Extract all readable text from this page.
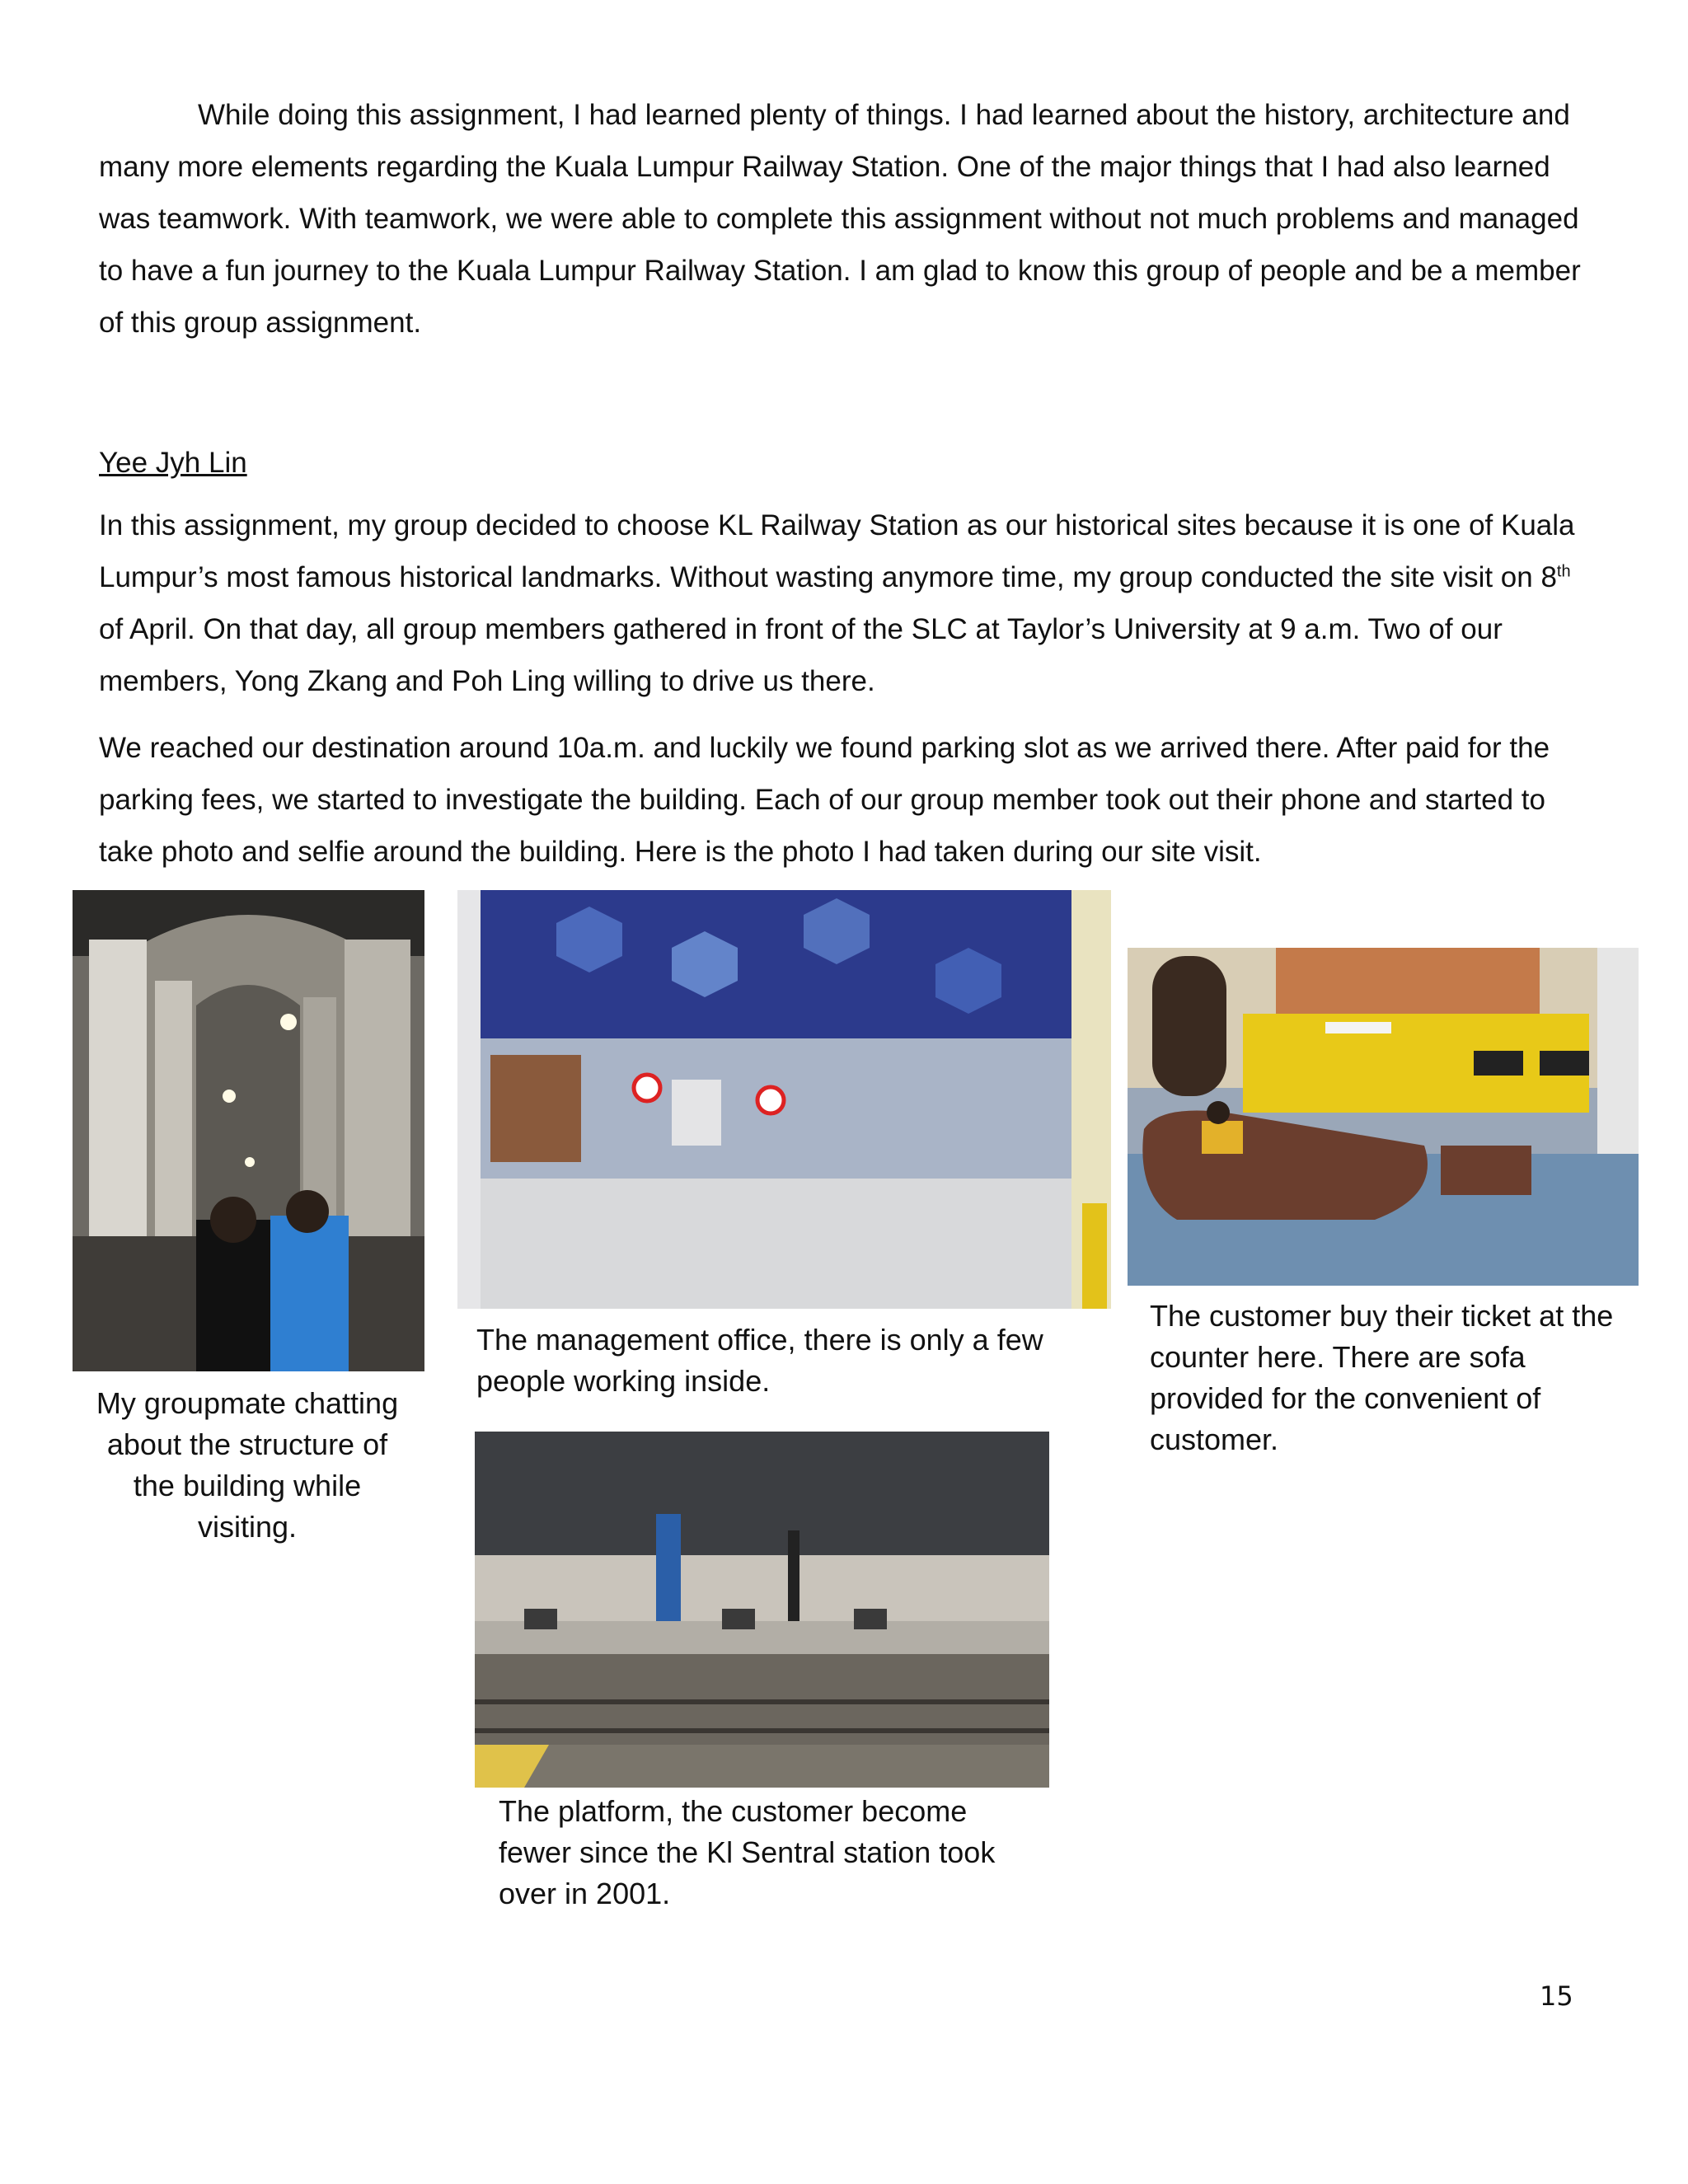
While doing this assignment, I had learned plenty of things. I had learned about the history, architecture and many more elements regarding the Kuala Lumpur Railway Station. One of the major things that I had also learned was teamwork. With teamwork, we were able to complete this assignment without not much problems and managed to have a fun journey to the Kuala Lumpur Railway Station. I am glad to know this group of people and be a member of this group assignment.

Yee Jyh Lin

In this assignment, my group decided to choose KL Railway Station as our historical sites because it is one of Kuala Lumpur’s most famous historical landmarks. Without wasting anymore time, my group conducted the site visit on 8th of April. On that day, all group members gathered in front of the SLC at Taylor’s University at 9 a.m. Two of our members, Yong Zkang and Poh Ling willing to drive us there.

We reached our destination around 10a.m. and luckily we found parking slot as we arrived there. After paid for the parking fees, we started to investigate the building. Each of our group member took out their phone and started to take photo and selfie around the building. Here is the photo I had taken during our site visit.

My groupmate chatting about the structure of the building while visiting.

The management office, there is only a few people working inside.

The customer buy their ticket at the counter here. There are sofa provided for the convenient of customer.

The platform, the customer become fewer since the Kl Sentral station took over in 2001.

15
